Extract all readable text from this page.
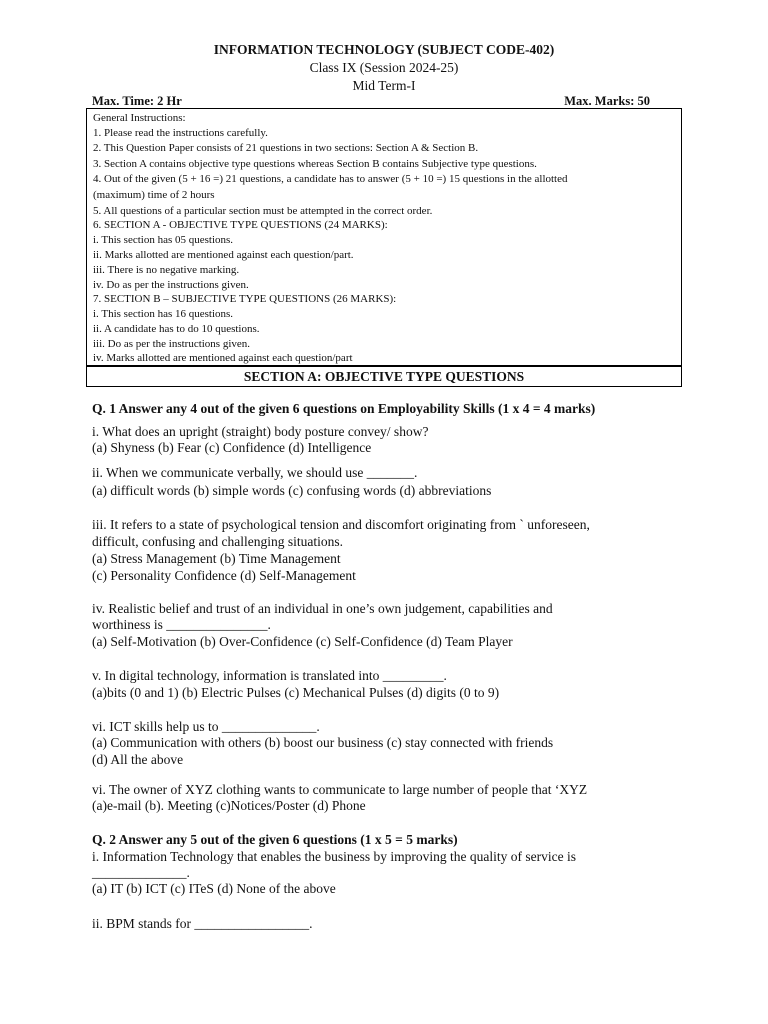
INFORMATION TECHNOLOGY (SUBJECT CODE-402)
Class IX (Session 2024-25)
Mid Term-I
Max. Time: 2 Hr	Max. Marks: 50
General Instructions:
1. Please read the instructions carefully.
2. This Question Paper consists of 21 questions in two sections: Section A & Section B.
3. Section A contains objective type questions whereas Section B contains Subjective type questions.
4. Out of the given (5 + 16 =) 21 questions, a candidate has to answer (5 + 10 =) 15 questions in the allotted
(maximum) time of 2 hours
5. All questions of a particular section must be attempted in the correct order.
6. SECTION A - OBJECTIVE TYPE QUESTIONS (24 MARKS):
i. This section has 05 questions.
ii. Marks allotted are mentioned against each question/part.
iii. There is no negative marking.
iv. Do as per the instructions given.
7. SECTION B – SUBJECTIVE TYPE QUESTIONS (26 MARKS):
i. This section has 16 questions.
ii. A candidate has to do 10 questions.
iii. Do as per the instructions given.
iv. Marks allotted are mentioned against each question/part
SECTION A: OBJECTIVE TYPE QUESTIONS
Q. 1 Answer any 4 out of the given 6 questions on Employability Skills (1 x 4 = 4 marks)
i. What does an upright (straight) body posture convey/ show?
(a) Shyness (b) Fear (c) Confidence (d) Intelligence
ii. When we communicate verbally, we should use _______.
(a) difficult words (b) simple words (c) confusing words (d) abbreviations
iii. It refers to a state of psychological tension and discomfort originating from ` unforeseen,
difficult, confusing and challenging situations.
(a) Stress Management (b) Time Management
(c) Personality Confidence (d) Self-Management
iv. Realistic belief and trust of an individual in one’s own judgement, capabilities and
worthiness is _______________.
(a) Self-Motivation (b) Over-Confidence (c) Self-Confidence (d) Team Player
v. In digital technology, information is translated into _________.
(a)bits (0 and 1) (b) Electric Pulses (c) Mechanical Pulses (d) digits (0 to 9)
vi. ICT skills help us to ______________.
(a) Communication with others (b) boost our business (c) stay connected with friends
(d) All the above
vi. The owner of XYZ clothing wants to communicate to large number of people that ‘XYZ
(a)e-mail (b). Meeting (c)Notices/Poster (d) Phone
Q. 2 Answer any 5 out of the given 6 questions (1 x 5 = 5 marks)
i. Information Technology that enables the business by improving the quality of service is
______________.
(a) IT (b) ICT (c) ITeS (d) None of the above
ii. BPM stands for _________________.
